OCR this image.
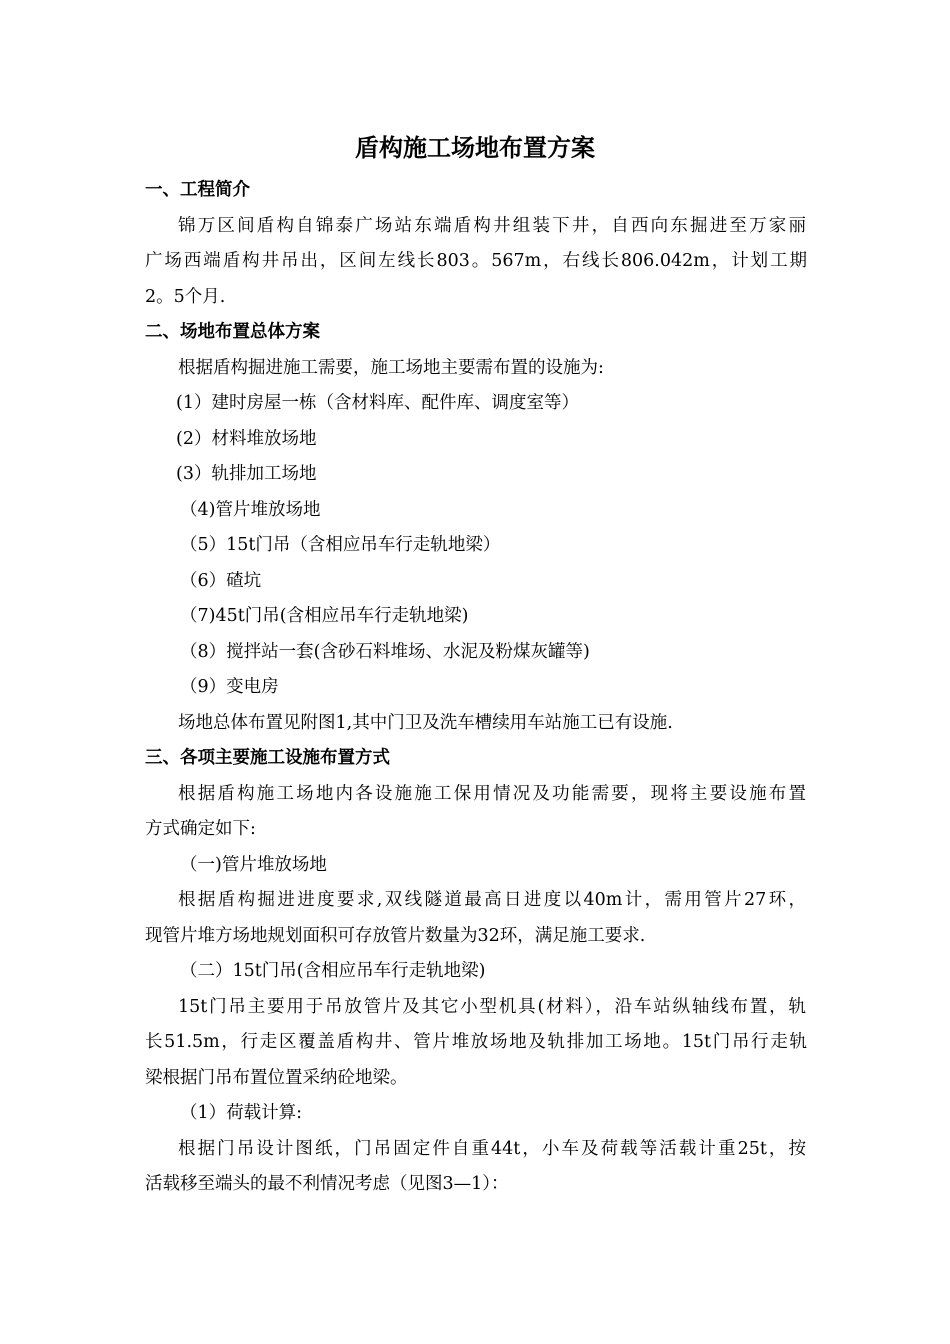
盾构施工场地布置方案
一、工程简介
锦万区间盾构自锦泰广场站东端盾构井组装下井，自西向东掘进至万家丽
广场西端盾构井吊出，区间左线长803。567m，右线长806.042m，计划工期
2。5个月.
二、场地布置总体方案
根据盾构掘进施工需要，施工场地主要需布置的设施为:
(1）建时房屋一栋（含材料库、配件库、调度室等）
(2）材料堆放场地
(3）轨排加工场地
（4)管片堆放场地
（5）15t门吊（含相应吊车行走轨地梁）
（6）碴坑
（7)45t门吊(含相应吊车行走轨地梁)
（8）搅拌站一套(含砂石料堆场、水泥及粉煤灰罐等)
（9）变电房
场地总体布置见附图1,其中门卫及洗车槽续用车站施工已有设施.
三、各项主要施工设施布置方式
根据盾构施工场地内各设施施工保用情况及功能需要，现将主要设施布置
方式确定如下:
（一)管片堆放场地
根据盾构掘进进度要求,双线隧道最高日进度以40m计，需用管片27环，
现管片堆方场地规划面积可存放管片数量为32环，满足施工要求.
（二）15t门吊(含相应吊车行走轨地梁)
15t门吊主要用于吊放管片及其它小型机具(材料），沿车站纵轴线布置，轨
长51.5m，行走区覆盖盾构井、管片堆放场地及轨排加工场地。15t门吊行走轨
梁根据门吊布置位置采纳砼地梁。
（1）荷载计算:
根据门吊设计图纸，门吊固定件自重44t，小车及荷载等活载计重25t，按
活载移至端头的最不利情况考虑（见图3—1）：
